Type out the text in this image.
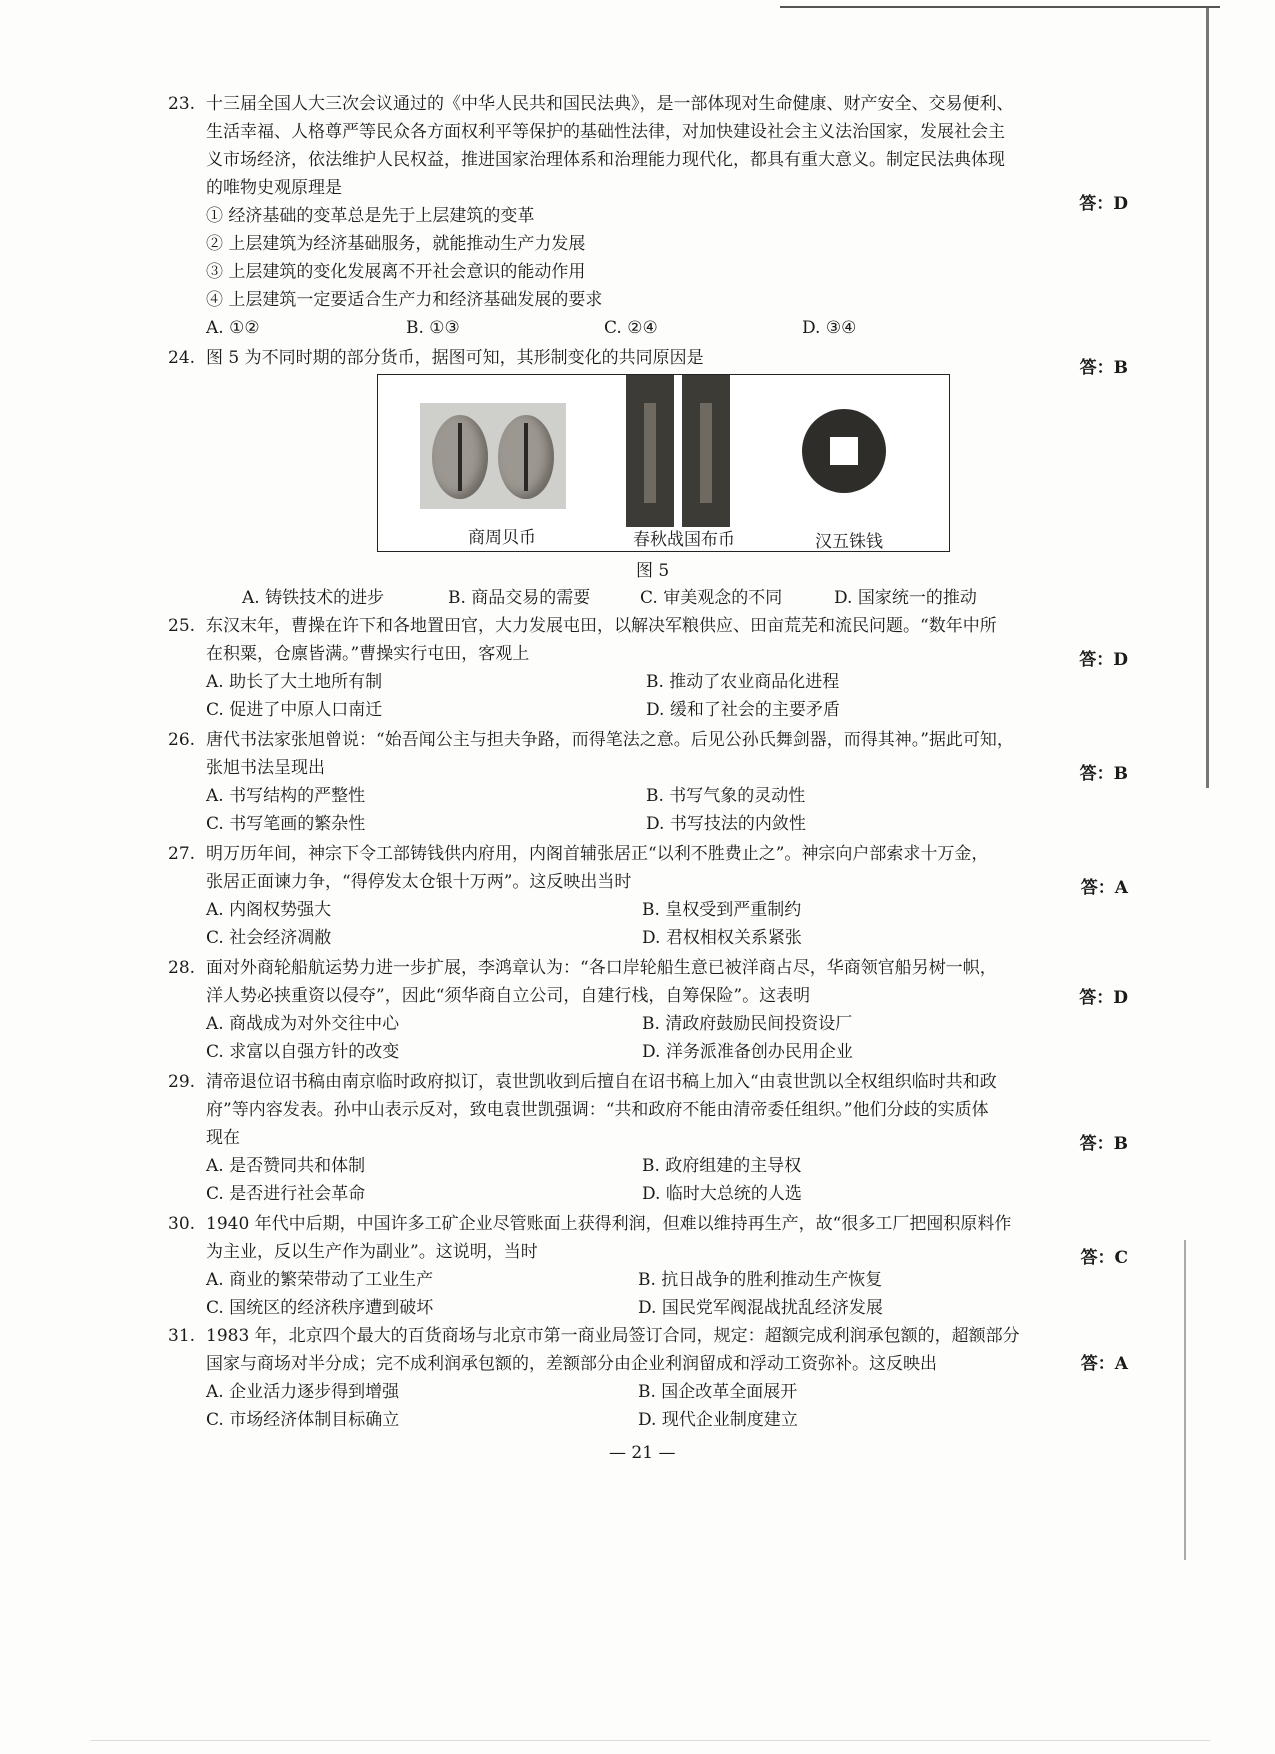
23. 十三届全国人大三次会议通过的《中华人民共和国民法典》，是一部体现对生命健康、财产安全、交易便利、
生活幸福、人格尊严等民众各方面权利平等保护的基础性法律，对加快建设社会主义法治国家，发展社会主
义市场经济，依法维护人民权益，推进国家治理体系和治理能力现代化，都具有重大意义。制定民法典体现
的唯物史观原理是
答：D
① 经济基础的变革总是先于上层建筑的变革
② 上层建筑为经济基础服务，就能推动生产力发展
③ 上层建筑的变化发展离不开社会意识的能动作用
④ 上层建筑一定要适合生产力和经济基础发展的要求
A. ①②	B. ①③	C. ②④	D. ③④
24. 图 5 为不同时期的部分货币，据图可知，其形制变化的共同原因是	答：B
商周贝币	春秋战国布币	汉五铢钱
图 5
A. 铸铁技术的进步	B. 商品交易的需要	C. 审美观念的不同	D. 国家统一的推动
25. 东汉末年，曹操在许下和各地置田官，大力发展屯田，以解决军粮供应、田亩荒芜和流民问题。“数年中所
在积粟，仓廪皆满。”曹操实行屯田，客观上	答：D
A. 助长了大土地所有制	B. 推动了农业商品化进程
C. 促进了中原人口南迁	D. 缓和了社会的主要矛盾
26. 唐代书法家张旭曾说：“始吾闻公主与担夫争路，而得笔法之意。后见公孙氏舞剑器，而得其神。”据此可知，
张旭书法呈现出	答：B
A. 书写结构的严整性	B. 书写气象的灵动性
C. 书写笔画的繁杂性	D. 书写技法的内敛性
27. 明万历年间，神宗下令工部铸钱供内府用，内阁首辅张居正“以利不胜费止之”。神宗向户部索求十万金，
张居正面谏力争，“得停发太仓银十万两”。这反映出当时	答：A
A. 内阁权势强大	B. 皇权受到严重制约
C. 社会经济凋敝	D. 君权相权关系紧张
28. 面对外商轮船航运势力进一步扩展，李鸿章认为：“各口岸轮船生意已被洋商占尽，华商领官船另树一帜，
洋人势必挟重资以侵夺”，因此“须华商自立公司，自建行栈，自筹保险”。这表明	答：D
A. 商战成为对外交往中心	B. 清政府鼓励民间投资设厂
C. 求富以自强方针的改变	D. 洋务派准备创办民用企业
29. 清帝退位诏书稿由南京临时政府拟订，袁世凯收到后擅自在诏书稿上加入“由袁世凯以全权组织临时共和政
府”等内容发表。孙中山表示反对，致电袁世凯强调：“共和政府不能由清帝委任组织。”他们分歧的实质体
现在	答：B
A. 是否赞同共和体制	B. 政府组建的主导权
C. 是否进行社会革命	D. 临时大总统的人选
30. 1940 年代中后期，中国许多工矿企业尽管账面上获得利润，但难以维持再生产，故“很多工厂把囤积原料作
为主业，反以生产作为副业”。这说明，当时	答：C
A. 商业的繁荣带动了工业生产	B. 抗日战争的胜利推动生产恢复
C. 国统区的经济秩序遭到破坏	D. 国民党军阀混战扰乱经济发展
31. 1983 年，北京四个最大的百货商场与北京市第一商业局签订合同，规定：超额完成利润承包额的，超额部分
国家与商场对半分成；完不成利润承包额的，差额部分由企业利润留成和浮动工资弥补。这反映出	答：A
A. 企业活力逐步得到增强	B. 国企改革全面展开
C. 市场经济体制目标确立	D. 现代企业制度建立
— 21 —
